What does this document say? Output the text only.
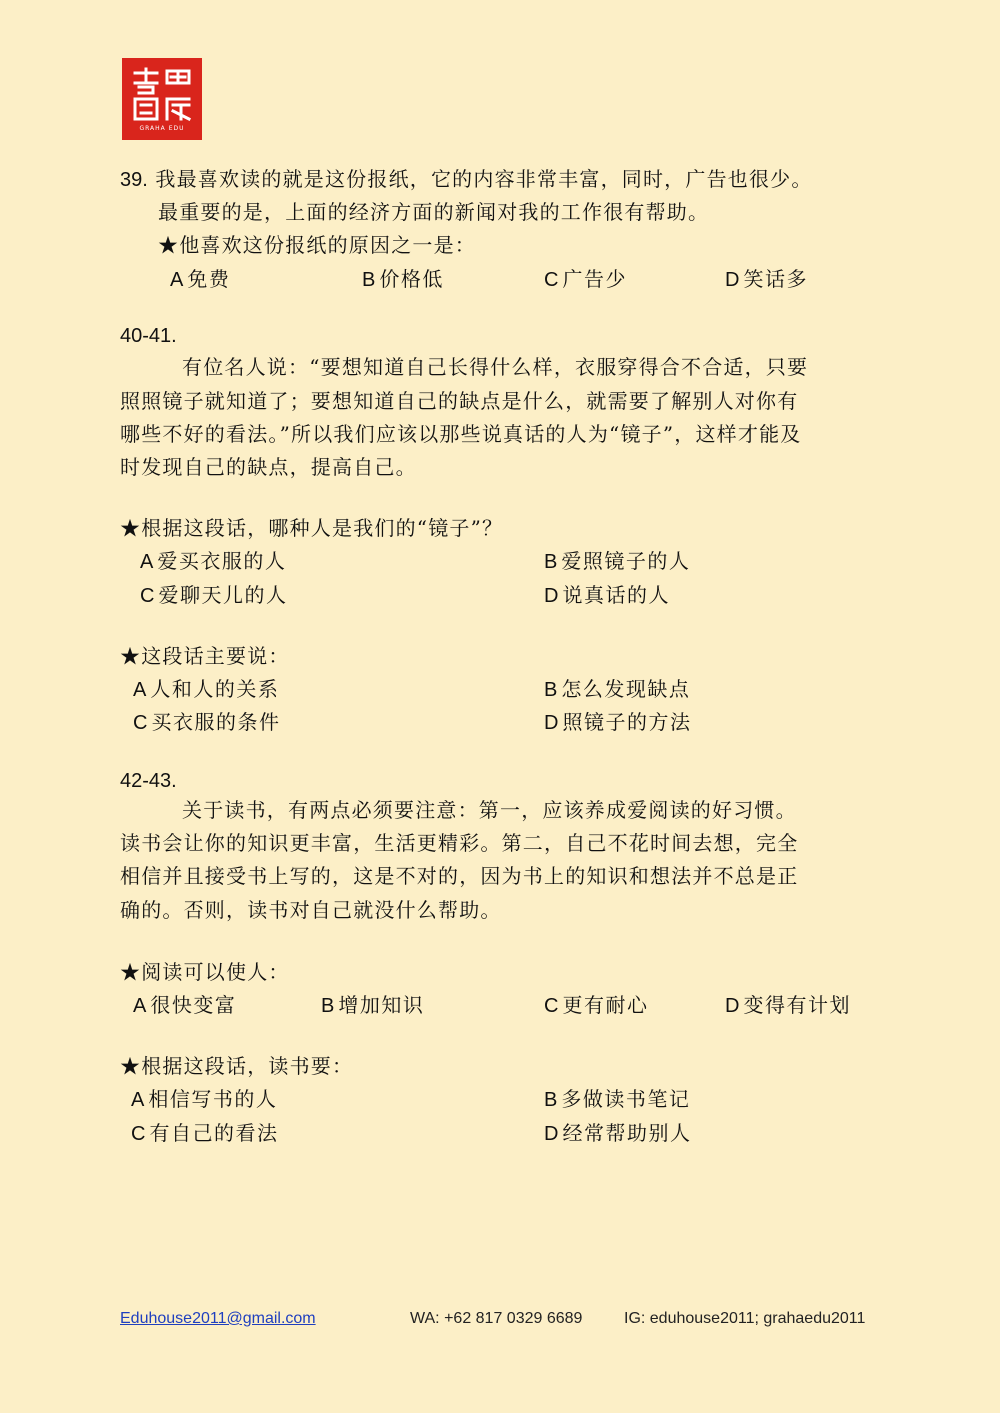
GRAHA EDU
39. 我最喜欢读的就是这份报纸，它的内容非常丰富，同时，广告也很少。
最重要的是，上面的经济方面的新闻对我的工作很有帮助。
★他喜欢这份报纸的原因之一是：
A 免费	B 价格低	C 广告少	D 笑话多
40-41.
有位名人说：“要想知道自己长得什么样，衣服穿得合不合适，只要
照照镜子就知道了；要想知道自己的缺点是什么，就需要了解别人对你有
哪些不好的看法。”所以我们应该以那些说真话的人为“镜子”，这样才能及
时发现自己的缺点，提高自己。
★根据这段话，哪种人是我们的“镜子”？
A 爱买衣服的人	B 爱照镜子的人
C 爱聊天儿的人	D 说真话的人
★这段话主要说：
A 人和人的关系	B 怎么发现缺点
C 买衣服的条件	D 照镜子的方法
42-43.
关于读书，有两点必须要注意：第一，应该养成爱阅读的好习惯。
读书会让你的知识更丰富，生活更精彩。第二，自己不花时间去想，完全
相信并且接受书上写的，这是不对的，因为书上的知识和想法并不总是正
确的。否则，读书对自己就没什么帮助。
★阅读可以使人：
A 很快变富	B 增加知识	C 更有耐心	D 变得有计划
★根据这段话，读书要：
A 相信写书的人	B 多做读书笔记
C 有自己的看法	D 经常帮助别人
Eduhouse2011@gmail.com	WA: +62 817 0329 6689	IG: eduhouse2011; grahaedu2011
